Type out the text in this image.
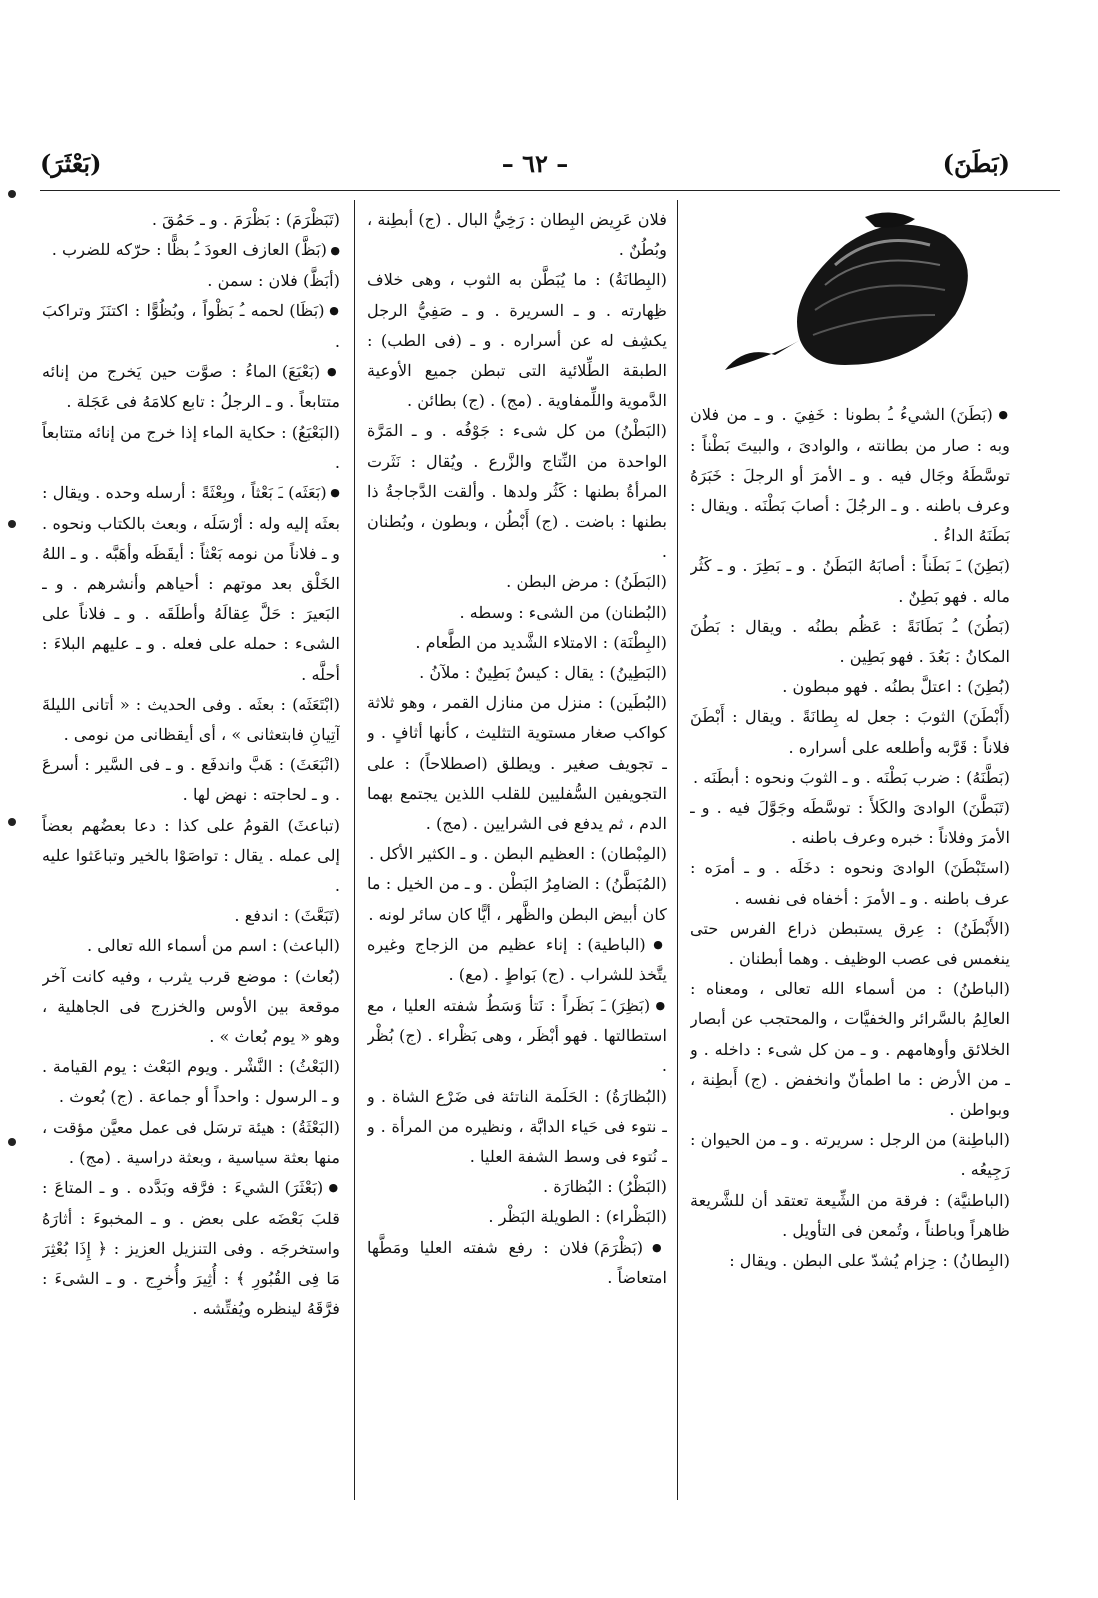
(بَطَنَ)
– ٦٢ –
(بَعْثَرَ)

● (بَطَنَ) الشيءُ ـُ بطونا : خَفِيَ . و ـ من فلان وبه : صار من بطانته ، والوادىَ ، والبيتَ بَطْناً : توسَّطَهُ وجَال فيه . و ـ الأمرَ أو الرجلَ : خَبَرَهُ وعرف باطنه . و ـ الرجُلَ : أصابَ بَطْنَه . ويقال : بَطَنَهُ الداءُ .

(بَطِنَ) ـَ بَطَناً : أصابَهُ البَطَنُ . و ـ بَطِرَ . و ـ كَثُر ماله . فهو بَطِنٌ .

(بَطُنَ) ـُ بَطَانَةً : عَظُم بطنُه . ويقال : بَطُنَ المكانُ : بَعُدَ . فهو بَطِين .

(بُطِنَ) : اعتلَّ بطنُه . فهو مبطون .

(أَبْطَنَ) الثوبَ : جعل له بِطانَةً . ويقال : أَبْطَنَ فلاناً : قَرَّبه وأطلعه على أسراره .

(بَطَّنَهُ) : ضرب بَطْنَه . و ـ الثوبَ ونحوه : أبطَنَه .

(تَبَطَّنَ) الوادىَ والكَلأَ : توسَّطَه وجَوَّلَ فيه . و ـ الأمرَ وفلاناً : خبره وعرف باطنه .

(استَبْطَنَ) الوادىَ ونحوه : دخَلَه . و ـ أمرَه : عرف باطنه . و ـ الأمرَ : أخفاه فى نفسه .

(الأَبْطَنُ) : عِرق يستبطن ذراع الفرس حتى ينغمس فى عصب الوظيف . وهما أبطنان .

(الباطنُ) : من أسماء الله تعالى ، ومعناه : العالِمُ بالسَّرائر والخفيَّات ، والمحتجب عن أبصار الخلائق وأوهامهم . و ـ من كل شىء : داخله . و ـ من الأرض : ما اطمأنّ وانخفض . (ج) أَبطِنة ، وبواطن .

(الباطِنة) من الرجل : سريرته . و ـ من الحيوان : رَجِيعُه .

(الباطنيَّة) : فرقة من الشِّيعة تعتقد أن للشَّريعة ظاهراً وباطناً ، وتُمعن فى التأويل .

(البِطانُ) : حِزام يُشدّ على البطن . ويقال :

فلان عَرِيض البِطان : رَخِيُّ البال . (ج) أبطِنة ، وبُطُنٌ .

(البِطانَةُ) : ما يُبَطَّن به الثوب ، وهى خلاف ظِهارته . و ـ السريرة . و ـ صَفِيُّ الرجل يكشِف له عن أسراره . و ـ (فى الطب) : الطبقة الطِّلائية التى تبطن جميع الأوعية الدَّموية واللِّمفاوية . (مج) . (ج) بطائن .

(البَطْنُ) من كل شىء : جَوْفُه . و ـ المَرَّة الواحدة من النِّتاج والزَّرع . ويُقال : نَثَرت المرأةُ بطنها : كَثُر ولدها . وألقت الدَّجاجةُ ذا بطنها : باضت . (ج) أَبْطُن ، وبطون ، وبُطنان .

(البَطَنُ) : مرض البطن .

(البُطنان) من الشىء : وسطه .

(البِطْنَة) : الامتلاء الشَّديد من الطَّعام .

(البَطِينُ) : يقال : كيسٌ بَطِينٌ : ملآنُ .

(البُطَين) : منزل من منازل القمر ، وهو ثلاثة كواكب صغار مستوية التثليث ، كأنها أثافٍ . و ـ تجويف صغير . ويطلق (اصطلاحاً) : على التجويفين السُّفليين للقلب اللذين يجتمع بهما الدم ، ثم يدفع فى الشرايين . (مج) .

(المِبْطان) : العظيم البطن . و ـ الكثير الأكل .

(المُبَطَّنُ) : الضامِرُ البَطْن . و ـ من الخيل : ما كان أبيض البطن والظَّهر ، أيًّا كان سائر لونه .

● (الباطية) : إناء عظيم من الزجاج وغيره يتَّخذ للشراب . (ج) بَواطٍ . (مع) .

● (بَظِرَ) ـَ بَظَراً : نَتأ وَسَطُ شفته العليا ، مع استطالتها . فهو أبْظَر ، وهى بَظْراء . (ج) بُظْر .

(البُظارَةُ) : الحَلَمة الناتئة فى ضَرْع الشاة . و ـ نتوء فى حَياء الدابَّة ، ونظيره من المرأة . و ـ نُتوء فى وسط الشفة العليا .

(البَظْرُ) : البُظارَة .

(البَظْراء) : الطويلة البَظْر .

● (بَظْرَمَ) فلان : رفع شفته العليا ومَطَّها امتعاضاً .

(تَبَظْرَمَ) : بَظْرَمَ . و ـ حَمُقَ .

● (بَظَّ) العازف العودَ ـُ بظًّا : حرّكه للضرب .

(أبَظَّ) فلان : سمن .

● (بَظَا) لحمه ـُ بَظْواً ، وبُظُوًّا : اكتنَزَ وتراكبَ .

● (بَعْبَعَ) الماءُ : صوَّت حين يَخرج من إنائه متتابعاً . و ـ الرجلُ : تابع كلامَهُ فى عَجَلة .

(البَعْبَعُ) : حكاية الماء إذا خرج من إنائه متتابعاً .

● (بَعَثَه) ـَ بَعْثاً ، وبِعْثَةً : أرسله وحده . ويقال : بعثَه إليه وله : أرْسَلَه ، وبعث بالكتاب ونحوه . و ـ فلاناً من نومه بَعْثاً : أيقَظَه وأهَبَّه . و ـ اللهُ الخَلْق بعد موتهم : أحياهم وأنشرهم . و ـ البَعيرَ : حَلَّ عِقالَهُ وأطلَقَه . و ـ فلاناً على الشىء : حمله على فعله . و ـ عليهم البلاءَ : أحلَّه .

(ابْتَعَثَه) : بعثَه . وفى الحديث : « أتانى الليلةَ آتِيانِ فابتعثانى » ، أى أيقظانى من نومى .

(انْبَعَثَ) : هَبَّ واندفَع . و ـ فى السَّير : أسرعَ . و ـ لحاجته : نهض لها .

(تباعثَ) القومُ على كذا : دعا بعضُهم بعضاً إلى عمله . يقال : تواصَوْا بالخير وتباعَثوا عليه .

(تَبَعَّثَ) : اندفع .

(الباعث) : اسم من أسماء الله تعالى .

(بُعاث) : موضع قرب يثرب ، وفيه كانت آخر موقعة بين الأوس والخزرج فى الجاهلية ، وهو « يوم بُعاث » .

(البَعْثُ) : النَّشْر . ويوم البَعْث : يوم القيامة . و ـ الرسول : واحداً أو جماعة . (ج) بُعوث .

(البَعْثَةُ) : هيئة ترسَل فى عمل معيَّن مؤقت ، منها بعثة سياسية ، وبعثة دراسية . (مج) .

● (بَعْثَرَ) الشيءَ : فرَّقه وبَدَّده . و ـ المتاعَ : قلبَ بَعْضَه على بعض . و ـ المخبوءَ : أثارَهُ واستخرجَه . وفى التنزيل العزيز : ﴿ إِذَا بُعْثِرَ مَا فِى القُبُورِ ﴾ : أُثِيرَ وأُخرِج . و ـ الشىءَ : فرَّقَهُ لينظره ويُفتِّشه .
